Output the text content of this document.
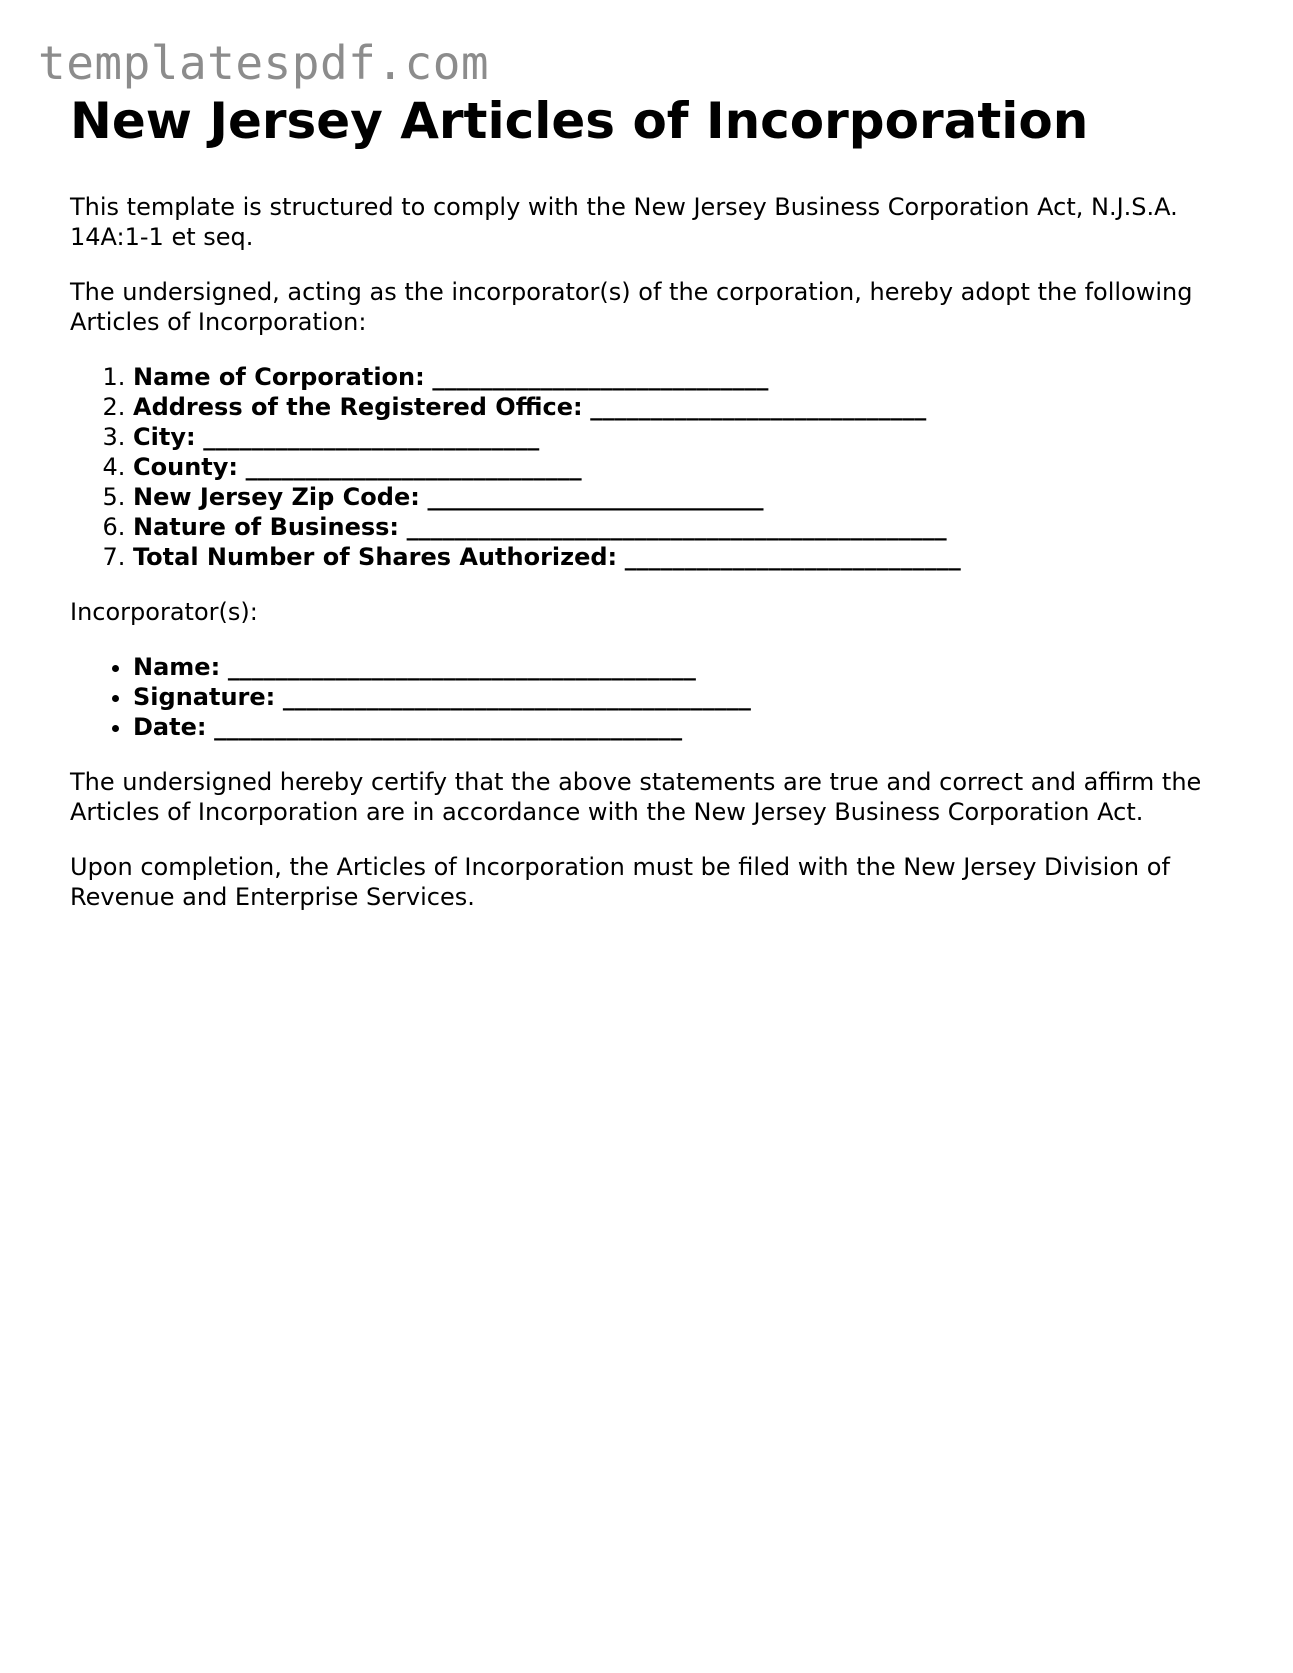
templatespdf.com
New Jersey Articles of Incorporation

This template is structured to comply with the New Jersey Business Corporation Act, N.J.S.A. 14A:1-1 et seq.

The undersigned, acting as the incorporator(s) of the corporation, hereby adopt the following Articles of Incorporation:

1. Name of Corporation: ____________________________
2. Address of the Registered Office: ____________________________
3. City: ____________________________
4. County: ____________________________
5. New Jersey Zip Code: ____________________________
6. Nature of Business: _____________________________________________
7. Total Number of Shares Authorized: ____________________________

Incorporator(s):

• Name: _______________________________________
• Signature: _______________________________________
• Date: _______________________________________

The undersigned hereby certify that the above statements are true and correct and affirm the Articles of Incorporation are in accordance with the New Jersey Business Corporation Act.

Upon completion, the Articles of Incorporation must be filed with the New Jersey Division of Revenue and Enterprise Services.
